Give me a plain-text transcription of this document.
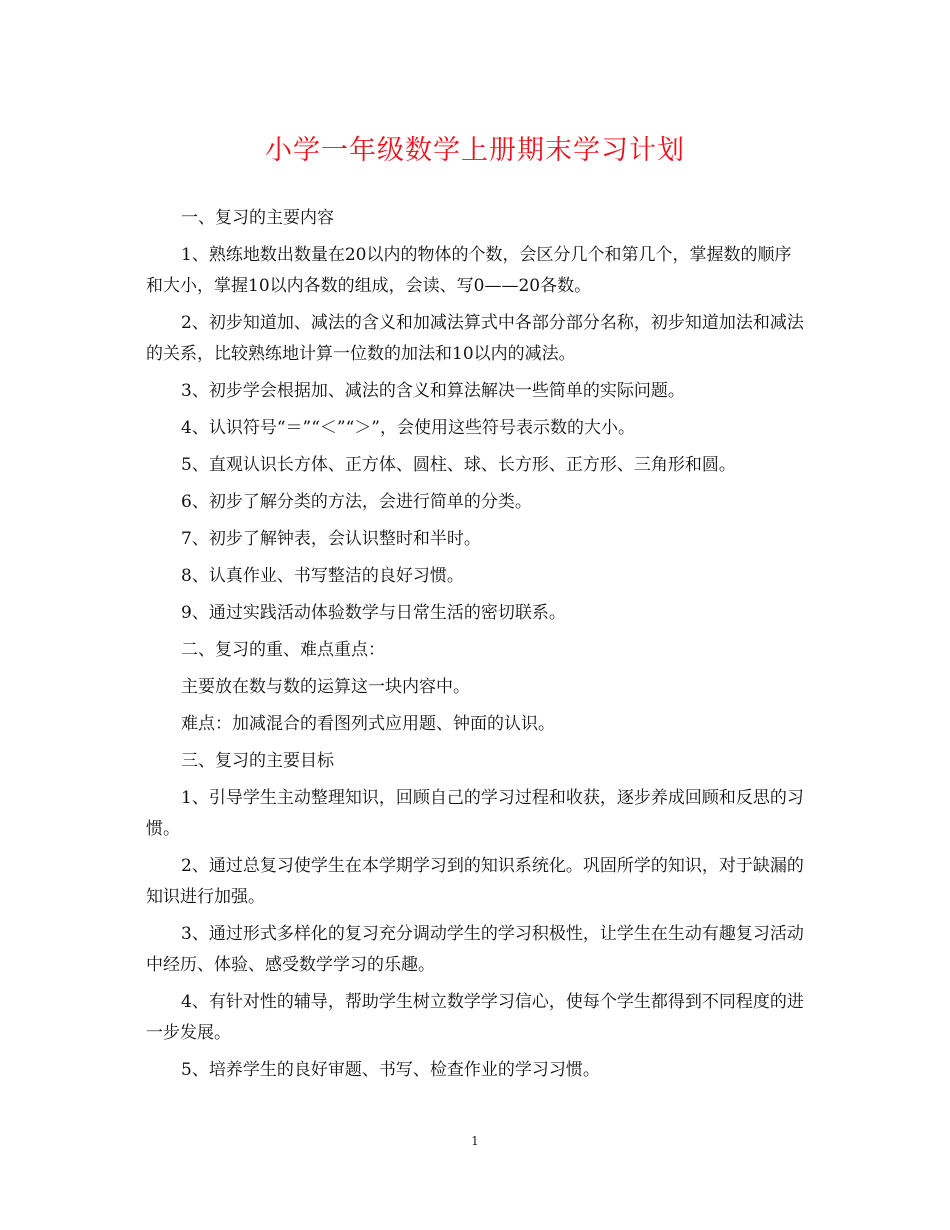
小学一年级数学上册期末学习计划

一、复习的主要内容

1、熟练地数出数量在20以内的物体的个数，会区分几个和第几个，掌握数的顺序和大小，掌握10以内各数的组成，会读、写0——20各数。

2、初步知道加、减法的含义和加减法算式中各部分部分名称，初步知道加法和减法的关系，比较熟练地计算一位数的加法和10以内的减法。

3、初步学会根据加、减法的含义和算法解决一些简单的实际问题。

4、认识符号“＝”“＜”“＞”，会使用这些符号表示数的大小。

5、直观认识长方体、正方体、圆柱、球、长方形、正方形、三角形和圆。

6、初步了解分类的方法，会进行简单的分类。

7、初步了解钟表，会认识整时和半时。

8、认真作业、书写整洁的良好习惯。

9、通过实践活动体验数学与日常生活的密切联系。

二、复习的重、难点重点：

主要放在数与数的运算这一块内容中。

难点：加减混合的看图列式应用题、钟面的认识。

三、复习的主要目标

1、引导学生主动整理知识，回顾自己的学习过程和收获，逐步养成回顾和反思的习惯。

2、通过总复习使学生在本学期学习到的知识系统化。巩固所学的知识，对于缺漏的知识进行加强。

3、通过形式多样化的复习充分调动学生的学习积极性，让学生在生动有趣复习活动中经历、体验、感受数学学习的乐趣。

4、有针对性的辅导，帮助学生树立数学学习信心，使每个学生都得到不同程度的进一步发展。

5、培养学生的良好审题、书写、检查作业的学习习惯。

1
